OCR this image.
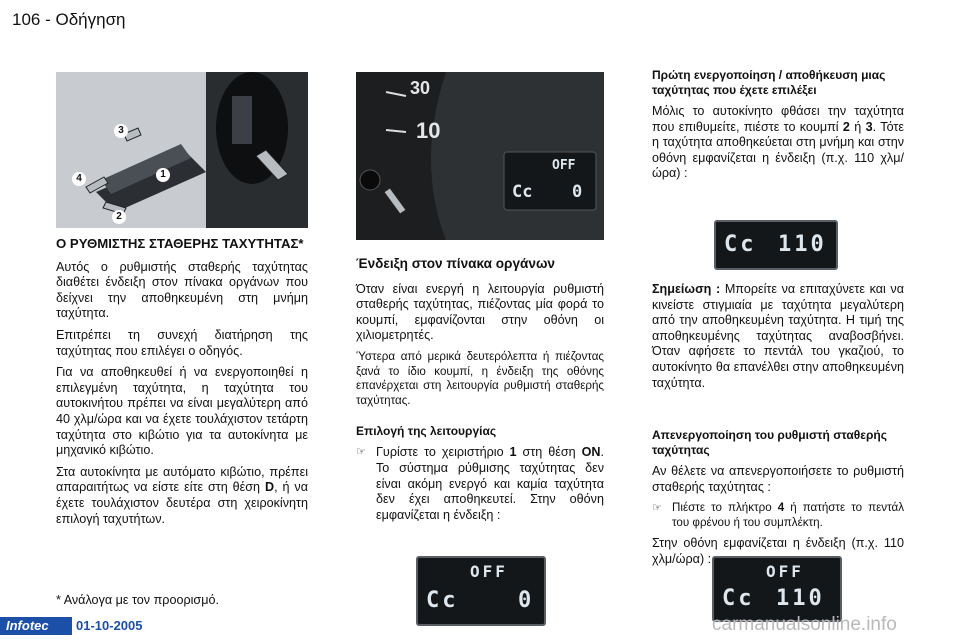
106 - Οδήγηση
1
2
3
4
30
10
OFF
Cc 0
Ο ΡΥΘΜΙΣΤΗΣ ΣΤΑΘΕΡΗΣ ΤΑΧΥΤΗΤΑΣ*

Αυτός ο ρυθμιστής σταθερής ταχύτητας διαθέτει ένδειξη στον πίνακα οργάνων που δείχνει την αποθηκευμένη στη μνήμη ταχύτητα.

Επιτρέπει τη συνεχή διατήρηση της ταχύτητας που επιλέγει ο οδηγός.

Για να αποθηκευθεί ή να ενεργοποιηθεί η επιλεγμένη ταχύτητα, η ταχύτητα του αυτοκινήτου πρέπει να είναι μεγαλύτερη από 40 χλμ/ώρα και να έχετε τουλάχιστον τετάρτη ταχύτητα στο κιβώτιο για τα αυτοκίνητα με μηχανικό κιβώτιο.

Στα αυτοκίνητα με αυτόματο κιβώτιο, πρέπει απαραιτήτως να είστε είτε στη θέση D, ή να έχετε τουλάχιστον δευτέρα στη χειροκίνητη επιλογή ταχυτήτων.

* Ανάλογα με τον προορισμό.
Ένδειξη στον πίνακα οργάνων

Όταν είναι ενεργή η λειτουργία ρυθμιστή σταθερής ταχύτητας, πιέζοντας μία φορά το κουμπί, εμφανίζονται στην οθόνη οι χιλιομετρητές.

Ύστερα από μερικά δευτερόλεπτα ή πιέζοντας ξανά το ίδιο κουμπί, η ένδειξη της οθόνης επανέρχεται στη λειτουργία ρυθμιστή σταθερής ταχύτητας.

Επιλογή της λειτουργίας
☞ Γυρίστε το χειριστήριο 1 στη θέση ON. Το σύστημα ρύθμισης ταχύτητας δεν είναι ακόμη ενεργό και καμία ταχύτητα δεν έχει αποθηκευτεί. Στην οθόνη εμφανίζεται η ένδειξη :
Πρώτη ενεργοποίηση / αποθήκευση μιας ταχύτητας που έχετε επιλέξει

Μόλις το αυτοκίνητο φθάσει την ταχύτητα που επιθυμείτε, πιέστε το κουμπί 2 ή 3. Τότε η ταχύτητα αποθηκεύεται στη μνήμη και στην οθόνη εμφανίζεται η ένδειξη (π.χ. 110 χλμ/ώρα) :

Σημείωση : Μπορείτε να επιταχύνετε και να κινείστε στιγμιαία με ταχύτητα μεγαλύτερη από την αποθηκευμένη ταχύτητα. Η τιμή της αποθηκευμένης ταχύτητας αναβοσβήνει. Όταν αφήσετε το πεντάλ του γκαζιού, το αυτοκίνητο θα επανέλθει στην αποθηκευμένη ταχύτητα.

Απενεργοποίηση του ρυθμιστή σταθερής ταχύτητας

Αν θέλετε να απενεργοποιήσετε το ρυθμιστή σταθερής ταχύτητας :

☞ Πιέστε το πλήκτρο 4 ή πατήστε το πεντάλ του φρένου ή του συμπλέκτη.

Στην οθόνη εμφανίζεται η ένδειξη (π.χ. 110 χλμ/ώρα) :

Cc 110
OFF
Cc	0
OFF
Cc 110
Infotec	01-10-2005	carmanualsonline.info
